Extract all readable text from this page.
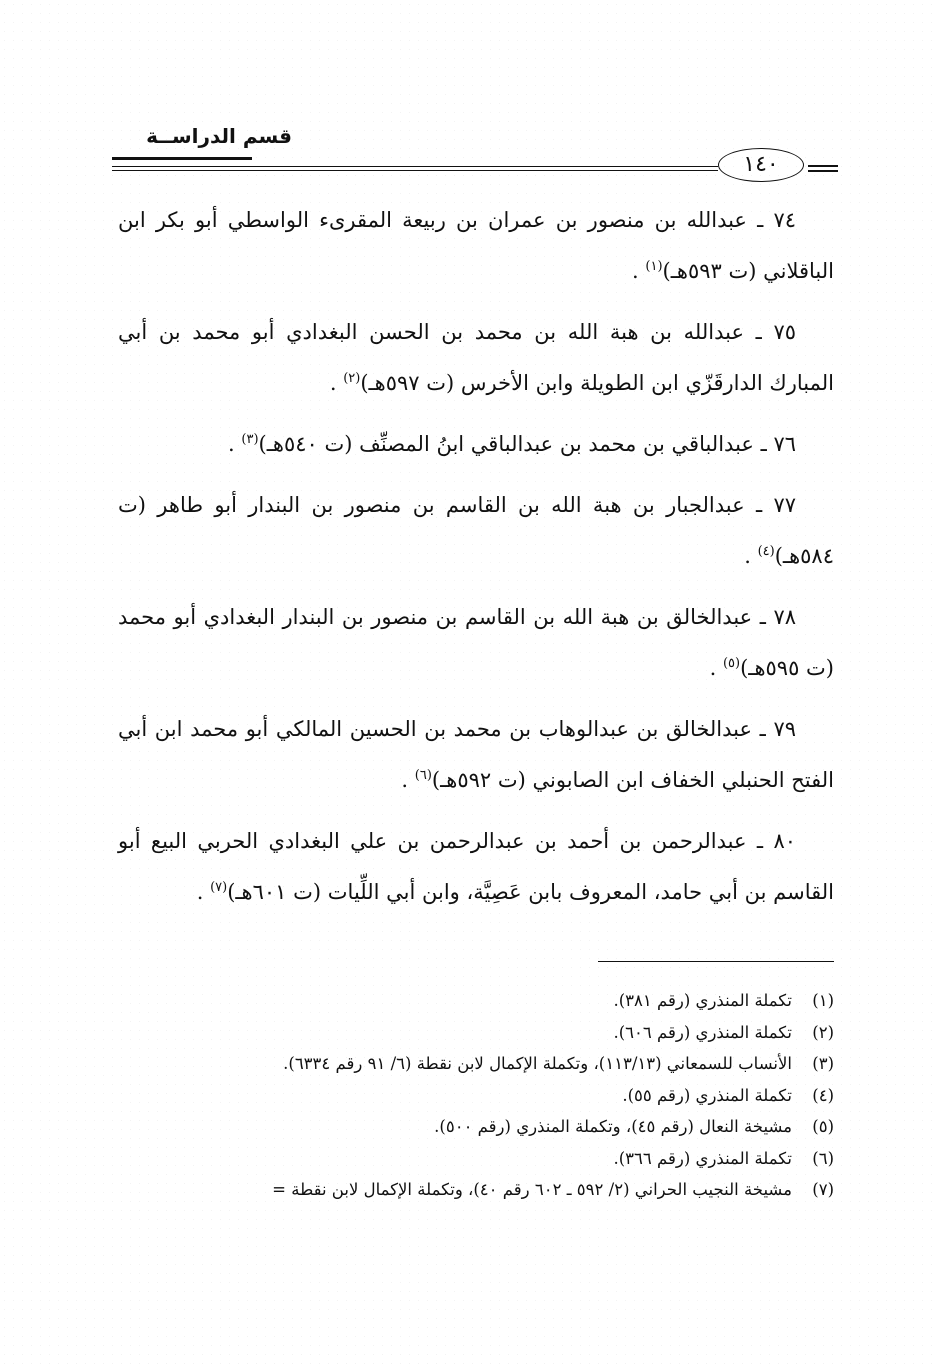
قسم الدراســة
١٤٠

٧٤ ـ عبدالله بن منصور بن عمران بن ربيعة المقرىء الواسطي أبو بكر ابن الباقلاني (ت ٥٩٣هـ)$^{(١)}$ .

٧٥ ـ عبدالله بن هبة الله بن محمد بن الحسن البغدادي أبو محمد بن أبي المبارك الدارقَزّي ابن الطويلة وابن الأخرس (ت ٥٩٧هـ)$^{(٢)}$ .

٧٦ ـ عبدالباقي بن محمد بن عبدالباقي ابنُ المصنِّف (ت ٥٤٠هـ)$^{(٣)}$ .

٧٧ ـ عبدالجبار بن هبة الله بن القاسم بن منصور بن البندار أبو طاهر (ت ٥٨٤هـ)$^{(٤)}$ .

٧٨ ـ عبدالخالق بن هبة الله بن القاسم بن منصور بن البندار البغدادي أبو محمد (ت ٥٩٥هـ)$^{(٥)}$ .

٧٩ ـ عبدالخالق بن عبدالوهاب بن محمد بن الحسين المالكي أبو محمد ابن أبي الفتح الحنبلي الخفاف ابن الصابوني (ت ٥٩٢هـ)$^{(٦)}$ .

٨٠ ـ عبدالرحمن بن أحمد بن عبدالرحمن بن علي البغدادي الحربي البيع أبو القاسم بن أبي حامد، المعروف بابن عَصِيَّة، وابن أبي اللِّيات (ت ٦٠١هـ)$^{(٧)}$ .

(١)
تكملة المنذري (رقم ٣٨١).
(٢)
تكملة المنذري (رقم ٦٠٦).
(٣)
الأنساب للسمعاني (١١٣/١٣)، وتكملة الإكمال لابن نقطة (٦/ ٩١ رقم ٦٣٣٤).
(٤)
تكملة المنذري (رقم ٥٥).
(٥)
مشيخة النعال (رقم ٤٥)، وتكملة المنذري (رقم ٥٠٠).
(٦)
تكملة المنذري (رقم ٣٦٦).
(٧)
مشيخة النجيب الحراني (٢/ ٥٩٢ ـ ٦٠٢ رقم ٤٠)، وتكملة الإكمال لابن نقطة =
